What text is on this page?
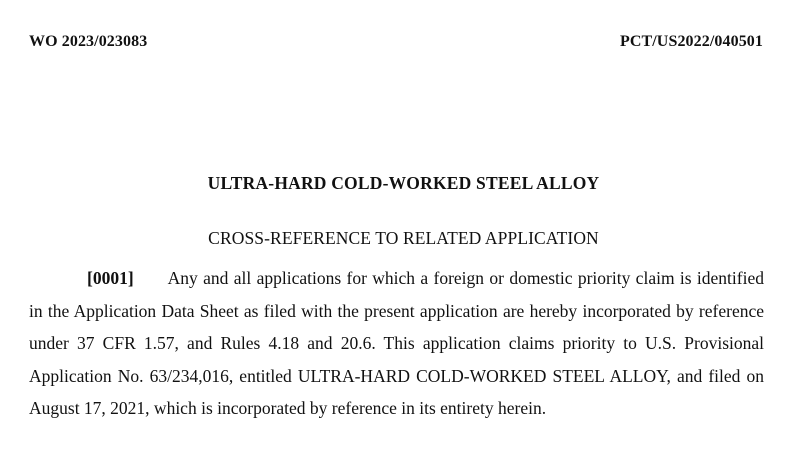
WO 2023/023083	PCT/US2022/040501
ULTRA-HARD COLD-WORKED STEEL ALLOY
CROSS-REFERENCE TO RELATED APPLICATION

[0001] Any and all applications for which a foreign or domestic priority claim is identified in the Application Data Sheet as filed with the present application are hereby incorporated by reference under 37 CFR 1.57, and Rules 4.18 and 20.6. This application claims priority to U.S. Provisional Application No. 63/234,016, entitled ULTRA-HARD COLD-WORKED STEEL ALLOY, and filed on August 17, 2021, which is incorporated by reference in its entirety herein.
